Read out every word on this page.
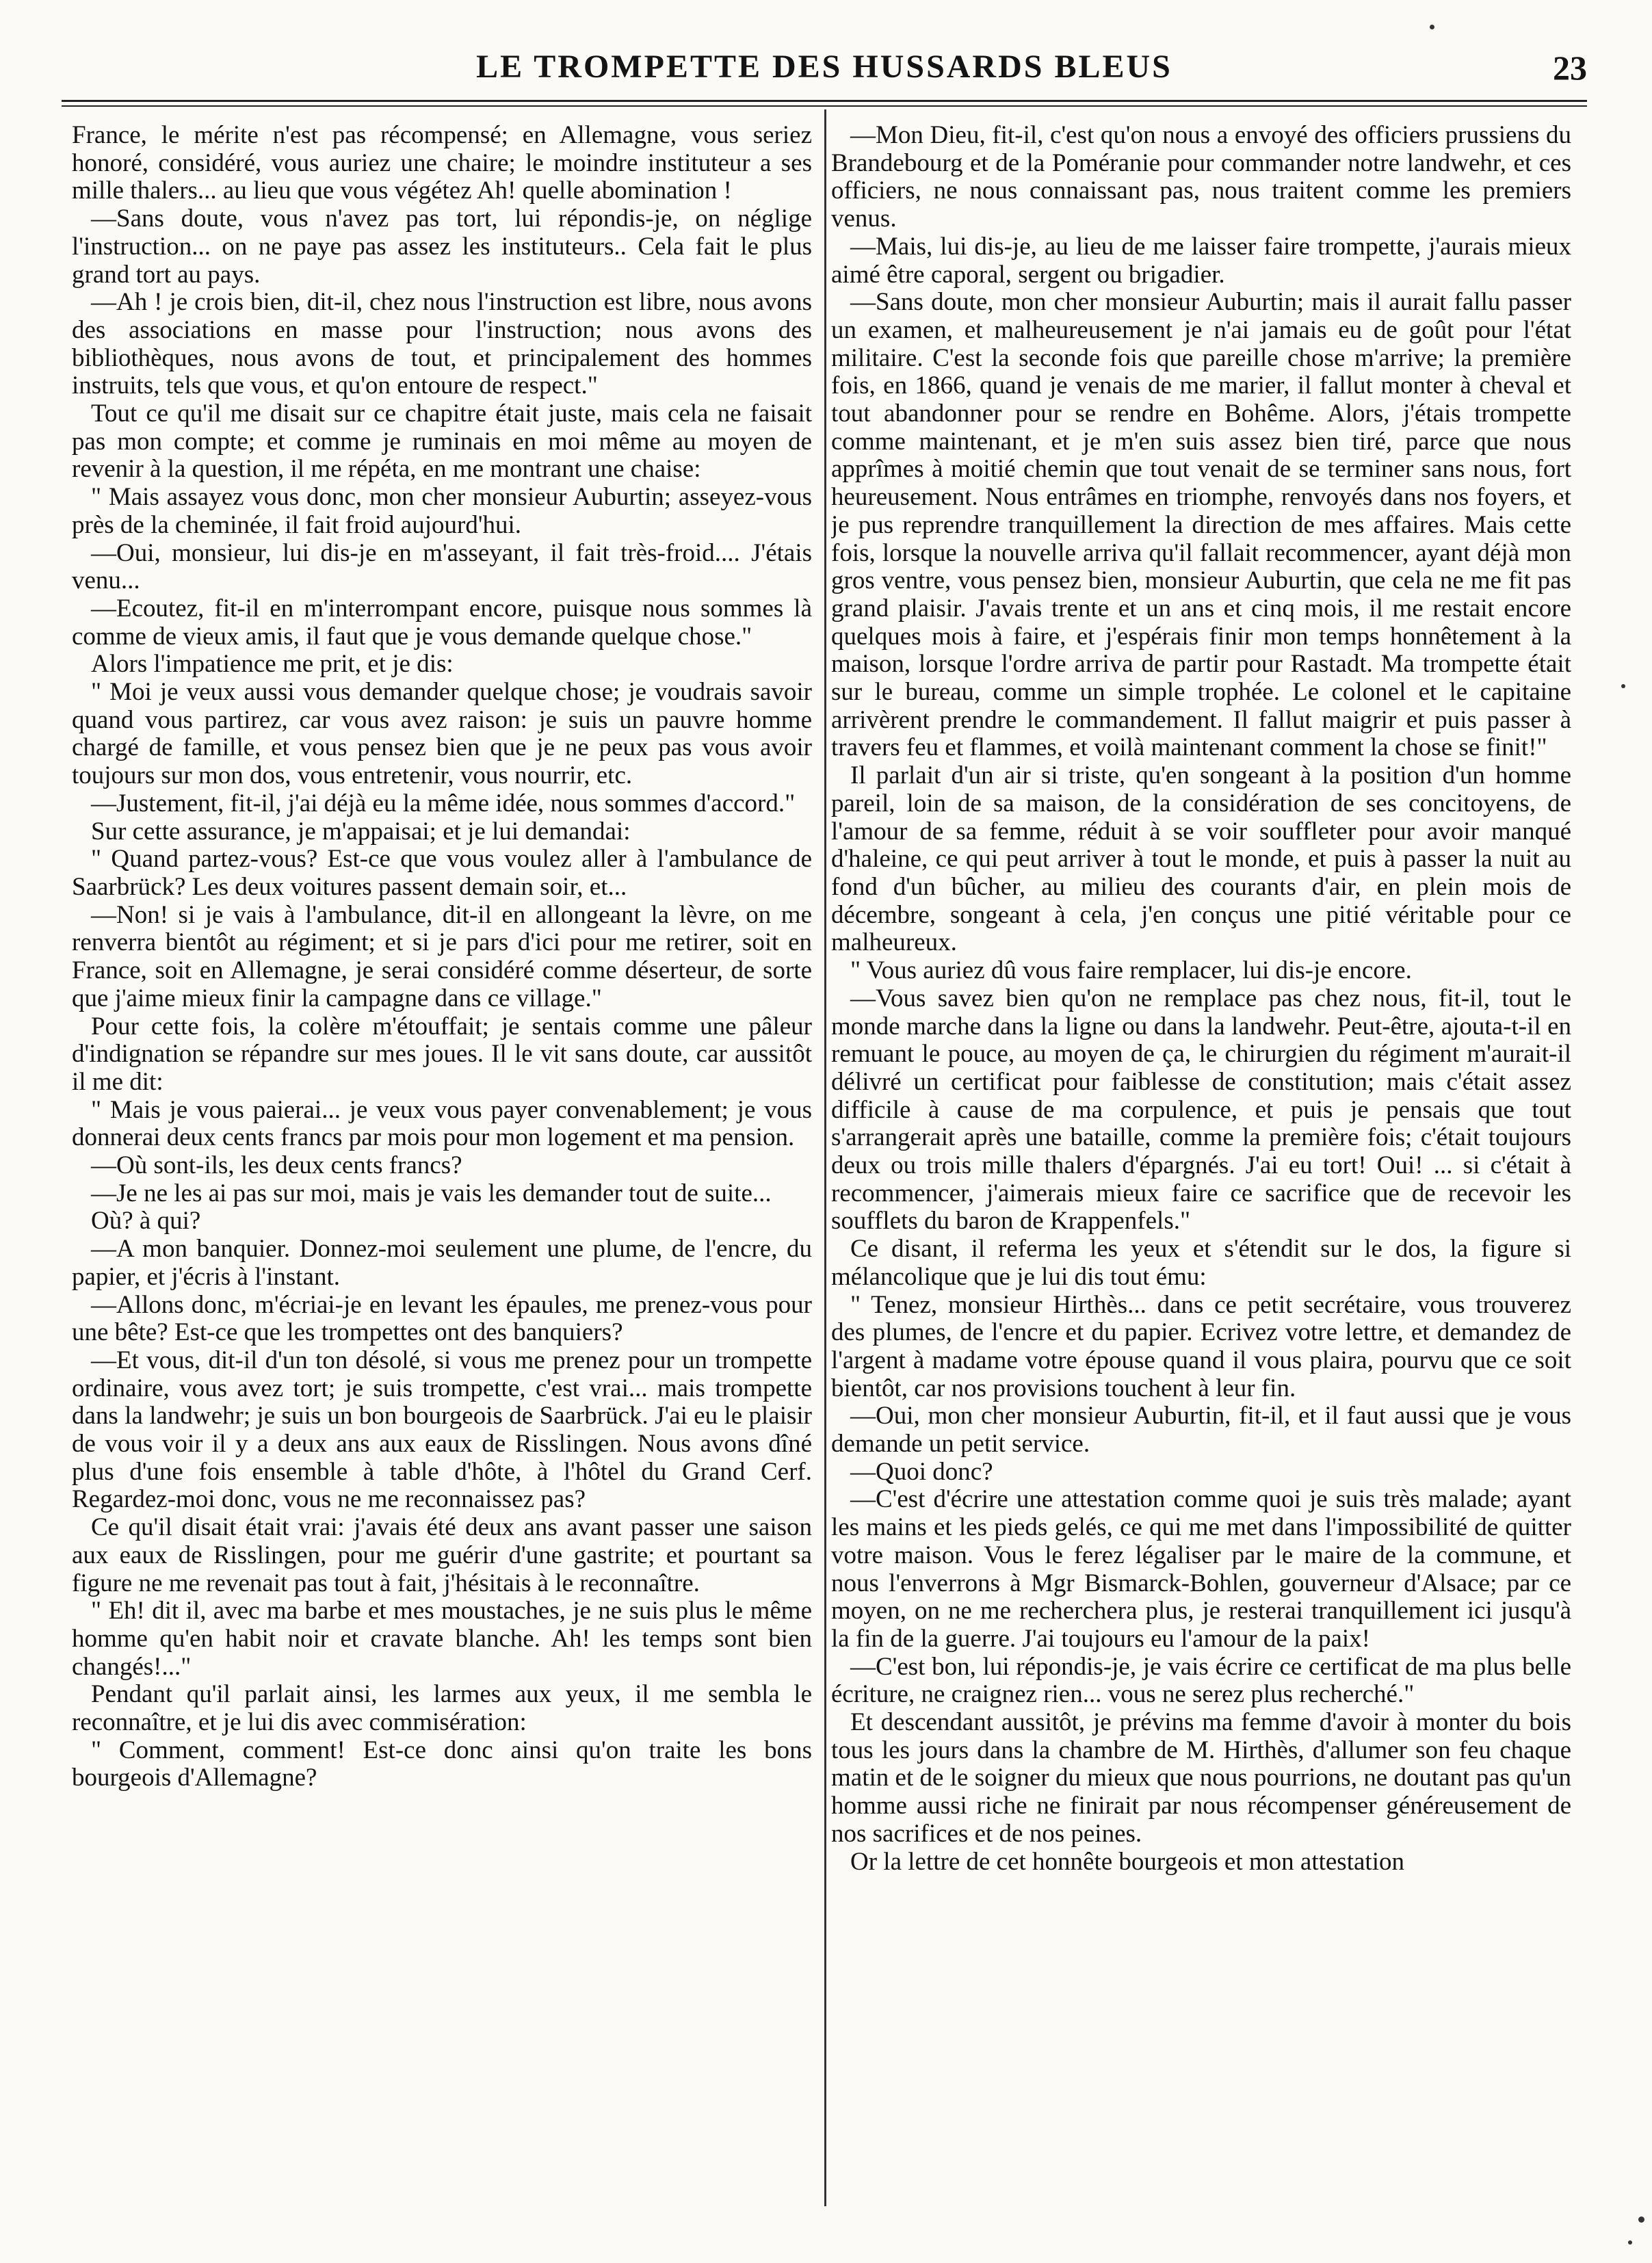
LE TROMPETTE DES HUSSARDS BLEUS	23

France, le mérite n'est pas récompensé; en Allemagne, vous seriez honoré, considéré, vous auriez une chaire; le moindre instituteur a ses mille thalers... au lieu que vous végétez Ah! quelle abomination !

—Sans doute, vous n'avez pas tort, lui répondis-je, on néglige l'instruction... on ne paye pas assez les instituteurs.. Cela fait le plus grand tort au pays.

—Ah ! je crois bien, dit-il, chez nous l'instruction est libre, nous avons des associations en masse pour l'instruction; nous avons des bibliothèques, nous avons de tout, et principalement des hommes instruits, tels que vous, et qu'on entoure de respect."

Tout ce qu'il me disait sur ce chapitre était juste, mais cela ne faisait pas mon compte; et comme je ruminais en moi même au moyen de revenir à la question, il me répéta, en me montrant une chaise:

" Mais assayez vous donc, mon cher monsieur Auburtin; asseyez-vous près de la cheminée, il fait froid aujourd'hui.

—Oui, monsieur, lui dis-je en m'asseyant, il fait très-froid.... J'étais venu...

—Ecoutez, fit-il en m'interrompant encore, puisque nous sommes là comme de vieux amis, il faut que je vous demande quelque chose."

Alors l'impatience me prit, et je dis:

" Moi je veux aussi vous demander quelque chose; je voudrais savoir quand vous partirez, car vous avez raison: je suis un pauvre homme chargé de famille, et vous pensez bien que je ne peux pas vous avoir toujours sur mon dos, vous entretenir, vous nourrir, etc.

—Justement, fit-il, j'ai déjà eu la même idée, nous sommes d'accord."

Sur cette assurance, je m'appaisai; et je lui demandai:

" Quand partez-vous? Est-ce que vous voulez aller à l'ambulance de Saarbrück? Les deux voitures passent demain soir, et...

—Non! si je vais à l'ambulance, dit-il en allongeant la lèvre, on me renverra bientôt au régiment; et si je pars d'ici pour me retirer, soit en France, soit en Allemagne, je serai considéré comme déserteur, de sorte que j'aime mieux finir la campagne dans ce village."

Pour cette fois, la colère m'étouffait; je sentais comme une pâleur d'indignation se répandre sur mes joues. Il le vit sans doute, car aussitôt il me dit:

" Mais je vous paierai... je veux vous payer convenablement; je vous donnerai deux cents francs par mois pour mon logement et ma pension.

—Où sont-ils, les deux cents francs?

—Je ne les ai pas sur moi, mais je vais les demander tout de suite...

Où? à qui?

—A mon banquier. Donnez-moi seulement une plume, de l'encre, du papier, et j'écris à l'instant.

—Allons donc, m'écriai-je en levant les épaules, me prenez-vous pour une bête? Est-ce que les trompettes ont des banquiers?

—Et vous, dit-il d'un ton désolé, si vous me prenez pour un trompette ordinaire, vous avez tort; je suis trompette, c'est vrai... mais trompette dans la landwehr; je suis un bon bourgeois de Saarbrück. J'ai eu le plaisir de vous voir il y a deux ans aux eaux de Risslingen. Nous avons dîné plus d'une fois ensemble à table d'hôte, à l'hôtel du Grand Cerf. Regardez-moi donc, vous ne me reconnaissez pas?

Ce qu'il disait était vrai: j'avais été deux ans avant passer une saison aux eaux de Risslingen, pour me guérir d'une gastrite; et pourtant sa figure ne me revenait pas tout à fait, j'hésitais à le reconnaître.

" Eh! dit il, avec ma barbe et mes moustaches, je ne suis plus le même homme qu'en habit noir et cravate blanche. Ah! les temps sont bien changés!..."

Pendant qu'il parlait ainsi, les larmes aux yeux, il me sembla le reconnaître, et je lui dis avec commisération:

" Comment, comment! Est-ce donc ainsi qu'on traite les bons bourgeois d'Allemagne?

—Mon Dieu, fit-il, c'est qu'on nous a envoyé des officiers prussiens du Brandebourg et de la Poméranie pour commander notre landwehr, et ces officiers, ne nous connaissant pas, nous traitent comme les premiers venus.

—Mais, lui dis-je, au lieu de me laisser faire trompette, j'aurais mieux aimé être caporal, sergent ou brigadier.

—Sans doute, mon cher monsieur Auburtin; mais il aurait fallu passer un examen, et malheureusement je n'ai jamais eu de goût pour l'état militaire. C'est la seconde fois que pareille chose m'arrive; la première fois, en 1866, quand je venais de me marier, il fallut monter à cheval et tout abandonner pour se rendre en Bohême. Alors, j'étais trompette comme maintenant, et je m'en suis assez bien tiré, parce que nous apprîmes à moitié chemin que tout venait de se terminer sans nous, fort heureusement. Nous entrâmes en triomphe, renvoyés dans nos foyers, et je pus reprendre tranquillement la direction de mes affaires. Mais cette fois, lorsque la nouvelle arriva qu'il fallait recommencer, ayant déjà mon gros ventre, vous pensez bien, monsieur Auburtin, que cela ne me fit pas grand plaisir. J'avais trente et un ans et cinq mois, il me restait encore quelques mois à faire, et j'espérais finir mon temps honnêtement à la maison, lorsque l'ordre arriva de partir pour Rastadt. Ma trompette était sur le bureau, comme un simple trophée. Le colonel et le capitaine arrivèrent prendre le commandement. Il fallut maigrir et puis passer à travers feu et flammes, et voilà maintenant comment la chose se finit!"

Il parlait d'un air si triste, qu'en songeant à la position d'un homme pareil, loin de sa maison, de la considération de ses concitoyens, de l'amour de sa femme, réduit à se voir souffleter pour avoir manqué d'haleine, ce qui peut arriver à tout le monde, et puis à passer la nuit au fond d'un bûcher, au milieu des courants d'air, en plein mois de décembre, songeant à cela, j'en conçus une pitié véritable pour ce malheureux.

" Vous auriez dû vous faire remplacer, lui dis-je encore.

—Vous savez bien qu'on ne remplace pas chez nous, fit-il, tout le monde marche dans la ligne ou dans la landwehr. Peut-être, ajouta-t-il en remuant le pouce, au moyen de ça, le chirurgien du régiment m'aurait-il délivré un certificat pour faiblesse de constitution; mais c'était assez difficile à cause de ma corpulence, et puis je pensais que tout s'arrangerait après une bataille, comme la première fois; c'était toujours deux ou trois mille thalers d'épargnés. J'ai eu tort! Oui! ... si c'était à recommencer, j'aimerais mieux faire ce sacrifice que de recevoir les soufflets du baron de Krappenfels."

Ce disant, il referma les yeux et s'étendit sur le dos, la figure si mélancolique que je lui dis tout ému:

" Tenez, monsieur Hirthès... dans ce petit secrétaire, vous trouverez des plumes, de l'encre et du papier. Ecrivez votre lettre, et demandez de l'argent à madame votre épouse quand il vous plaira, pourvu que ce soit bientôt, car nos provisions touchent à leur fin.

—Oui, mon cher monsieur Auburtin, fit-il, et il faut aussi que je vous demande un petit service.

—Quoi donc?

—C'est d'écrire une attestation comme quoi je suis très malade; ayant les mains et les pieds gelés, ce qui me met dans l'impossibilité de quitter votre maison. Vous le ferez légaliser par le maire de la commune, et nous l'enverrons à Mgr Bismarck-Bohlen, gouverneur d'Alsace; par ce moyen, on ne me recherchera plus, je resterai tranquillement ici jusqu'à la fin de la guerre. J'ai toujours eu l'amour de la paix!

—C'est bon, lui répondis-je, je vais écrire ce certificat de ma plus belle écriture, ne craignez rien... vous ne serez plus recherché."

Et descendant aussitôt, je prévins ma femme d'avoir à monter du bois tous les jours dans la chambre de M. Hirthès, d'allumer son feu chaque matin et de le soigner du mieux que nous pourrions, ne doutant pas qu'un homme aussi riche ne finirait par nous récompenser généreusement de nos sacrifices et de nos peines.

Or la lettre de cet honnête bourgeois et mon attestation
